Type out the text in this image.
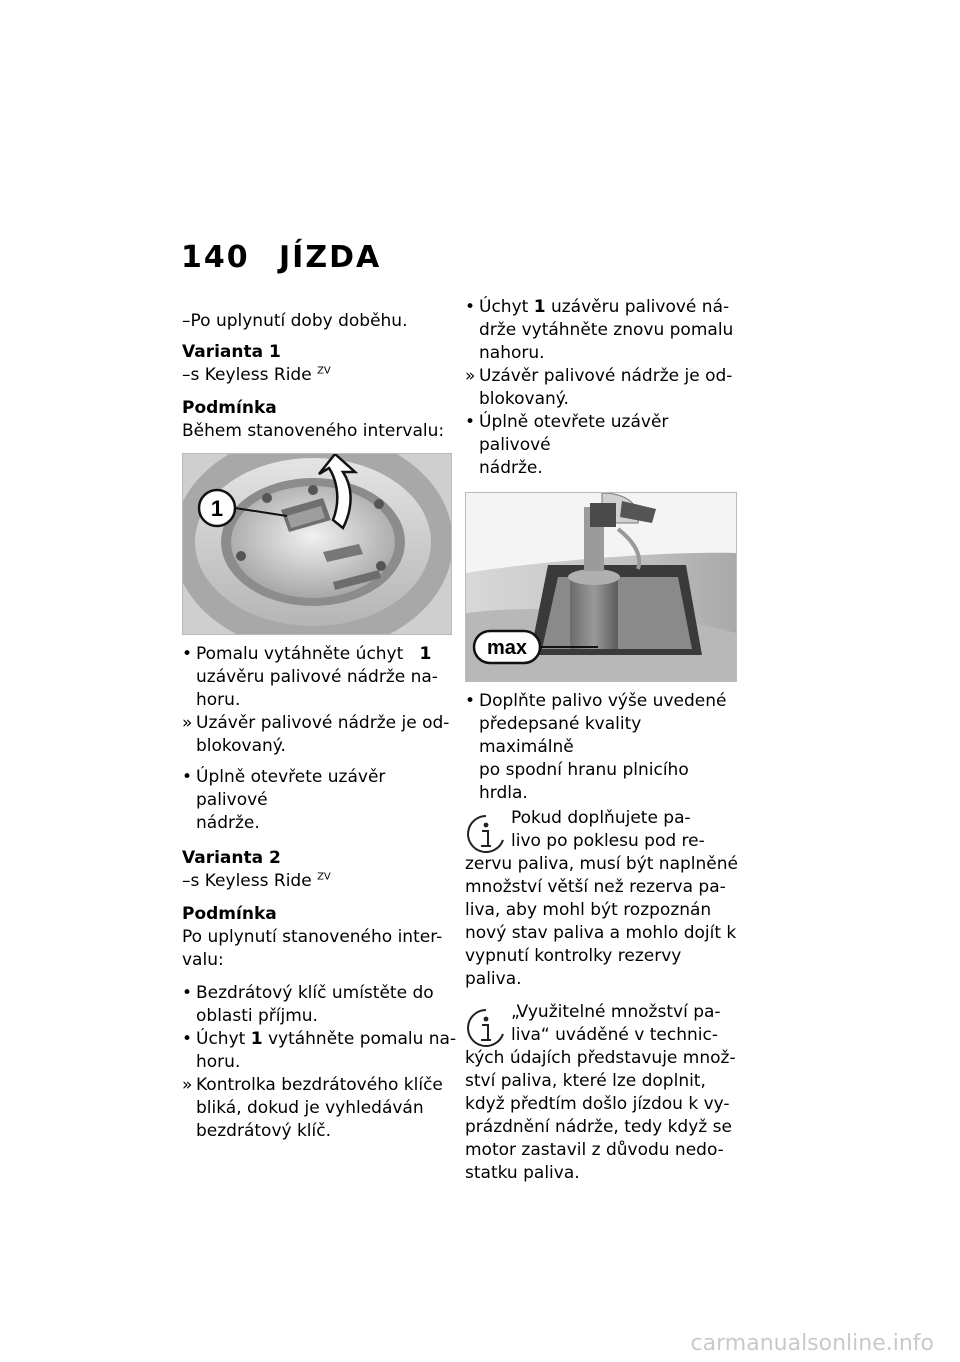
140 JÍZDA

–Po uplynutí doby doběhu.

Varianta 1

–s Keyless Ride $^{ZV}$

Podmínka

Během stanoveného intervalu:

1
• Pomalu vytáhněte úchyt 1

uzávěru palivové nádrže na-

horu.

» Uzávěr palivové nádrže je od-

blokovaný.

• Úplně otevřete uzávěr palivové

nádrže.

Varianta 2

–s Keyless Ride $^{ZV}$

Podmínka

Po uplynutí stanoveného inter-

valu:

• Bezdrátový klíč umístěte do

oblasti příjmu.

• Úchyt 1 vytáhněte pomalu na-

horu.

» Kontrolka bezdrátového klíče

bliká, dokud je vyhledáván

bezdrátový klíč.

• Úchyt 1 uzávěru palivové ná-

drže vytáhněte znovu pomalu

nahoru.

» Uzávěr palivové nádrže je od-

blokovaný.

• Úplně otevřete uzávěr palivové

nádrže.

max
• Doplňte palivo výše uvedené

předepsané kvality maximálně

po spodní hranu plnicího

hrdla.

Pokud doplňujete pa-

livo po poklesu pod re-

zervu paliva, musí být naplněné

množství větší než rezerva pa-

liva, aby mohl být rozpoznán

nový stav paliva a mohlo dojít k

vypnutí kontrolky rezervy paliva.

„Využitelné množství pa-

liva“ uváděné v technic-

kých údajích představuje množ-

ství paliva, které lze doplnit,

když předtím došlo jízdou k vy-

prázdnění nádrže, tedy když se

motor zastavil z důvodu nedo-

statku paliva.

carmanualsonline.info
